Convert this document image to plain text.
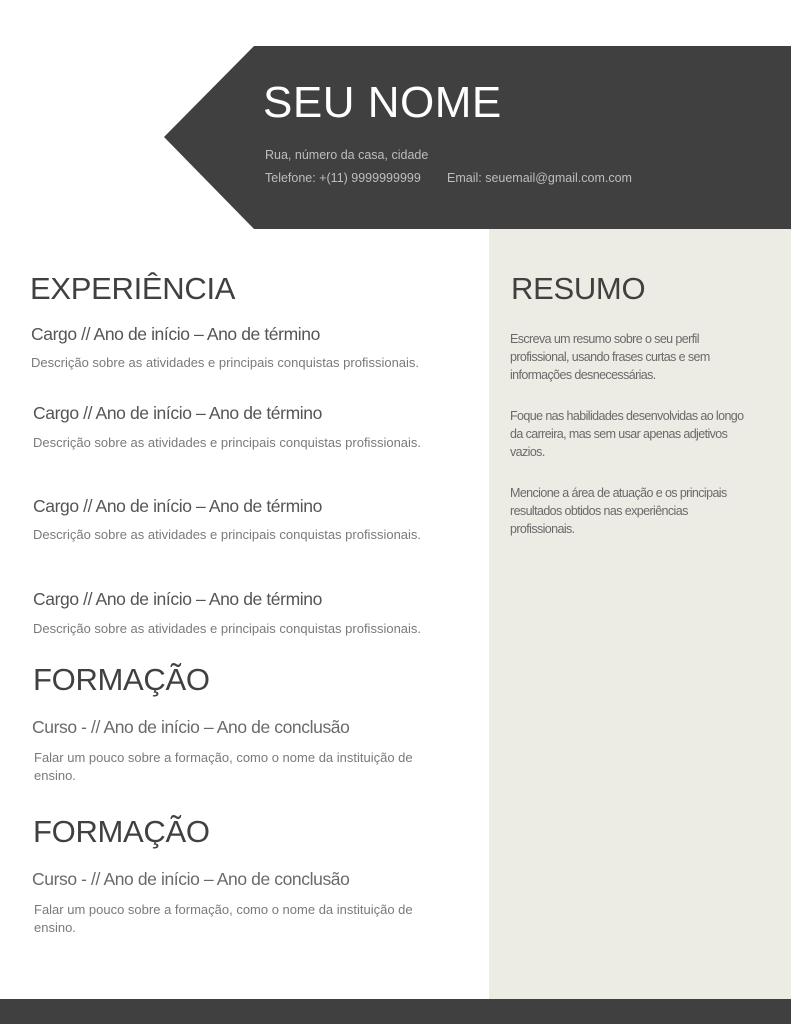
SEU NOME
Rua, número da casa, cidade
Telefone: +(11) 9999999999 Email: seuemail@gmail.com.com
EXPERIÊNCIA
Cargo // Ano de início – Ano de término
Descrição sobre as atividades e principais conquistas profissionais.
Cargo // Ano de início – Ano de término
Descrição sobre as atividades e principais conquistas profissionais.
Cargo // Ano de início – Ano de término
Descrição sobre as atividades e principais conquistas profissionais.
Cargo // Ano de início – Ano de término
Descrição sobre as atividades e principais conquistas profissionais.
FORMAÇÃO
Curso - // Ano de início – Ano de conclusão
Falar um pouco sobre a formação, como o nome da instituição de ensino.
FORMAÇÃO
Curso - // Ano de início – Ano de conclusão
Falar um pouco sobre a formação, como o nome da instituição de ensino.
RESUMO
Escreva um resumo sobre o seu perfil profissional, usando frases curtas e sem informações desnecessárias.
Foque nas habilidades desenvolvidas ao longo da carreira, mas sem usar apenas adjetivos vazios.
Mencione a área de atuação e os principais resultados obtidos nas experiências profissionais.
